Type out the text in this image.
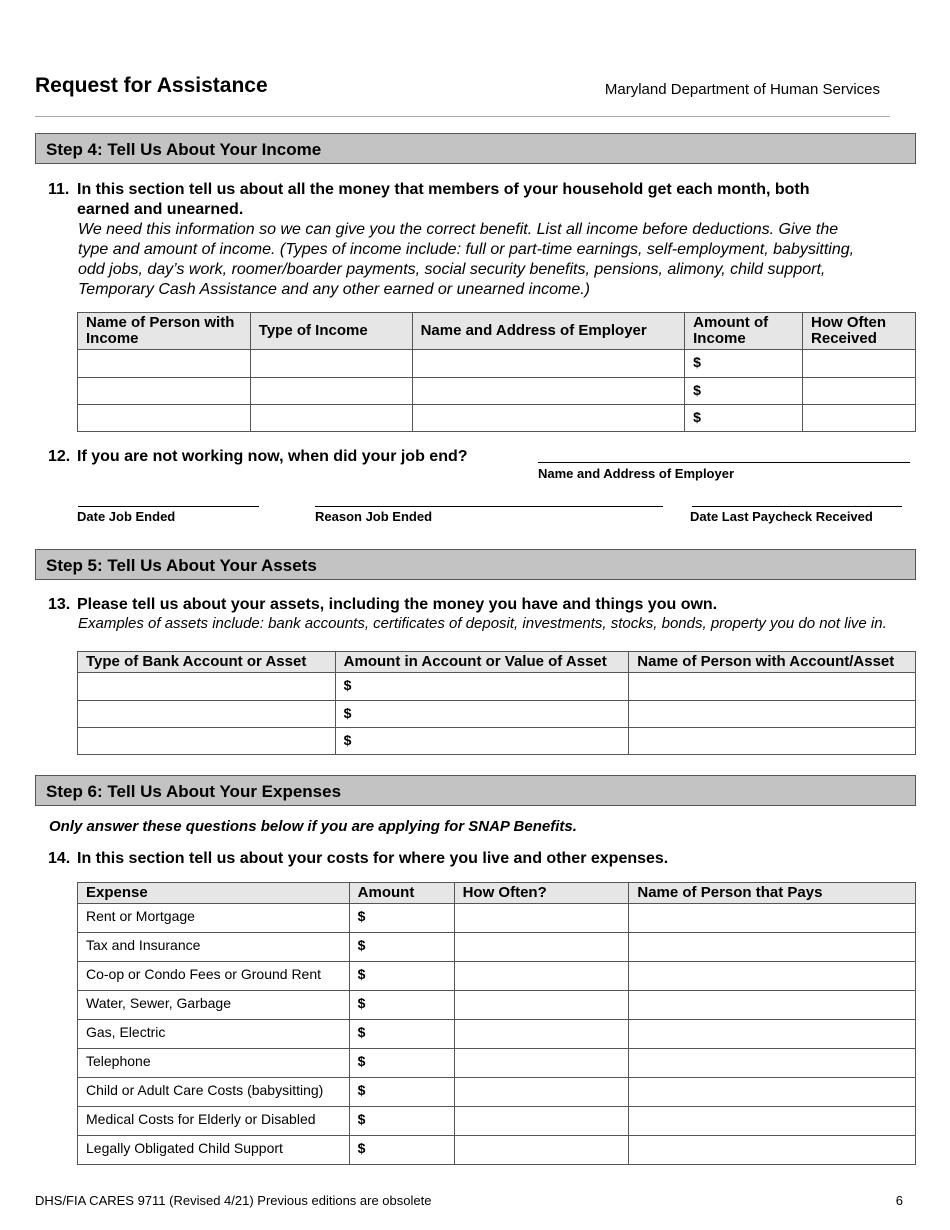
Request for Assistance	Maryland Department of Human Services
Step 4: Tell Us About Your Income
11. In this section tell us about all the money that members of your household get each month, both
earned and unearned.
We need this information so we can give you the correct benefit. List all income before deductions. Give the
type and amount of income. (Types of income include: full or part-time earnings, self-employment, babysitting,
odd jobs, day’s work, roomer/boarder payments, social security benefits, pensions, alimony, child support,
Temporary Cash Assistance and any other earned or unearned income.)
Name of Person with Income	Type of Income	Name and Address of Employer	Amount of Income	How Often Received
			$	
			$	
			$	
12. If you are not working now, when did your job end?
Name and Address of Employer
Date Job Ended	Reason Job Ended	Date Last Paycheck Received
Step 5: Tell Us About Your Assets
13. Please tell us about your assets, including the money you have and things you own.
Examples of assets include: bank accounts, certificates of deposit, investments, stocks, bonds, property you do not live in.
Type of Bank Account or Asset	Amount in Account or Value of Asset	Name of Person with Account/Asset
	$	
	$	
	$	
Step 6: Tell Us About Your Expenses
Only answer these questions below if you are applying for SNAP Benefits.
14. In this section tell us about your costs for where you live and other expenses.
Expense	Amount	How Often?	Name of Person that Pays
Rent or Mortgage	$		
Tax and Insurance	$		
Co-op or Condo Fees or Ground Rent	$		
Water, Sewer, Garbage	$		
Gas, Electric	$		
Telephone	$		
Child or Adult Care Costs (babysitting)	$		
Medical Costs for Elderly or Disabled	$		
Legally Obligated Child Support	$		
DHS/FIA CARES 9711 (Revised 4/21) Previous editions are obsolete	6
